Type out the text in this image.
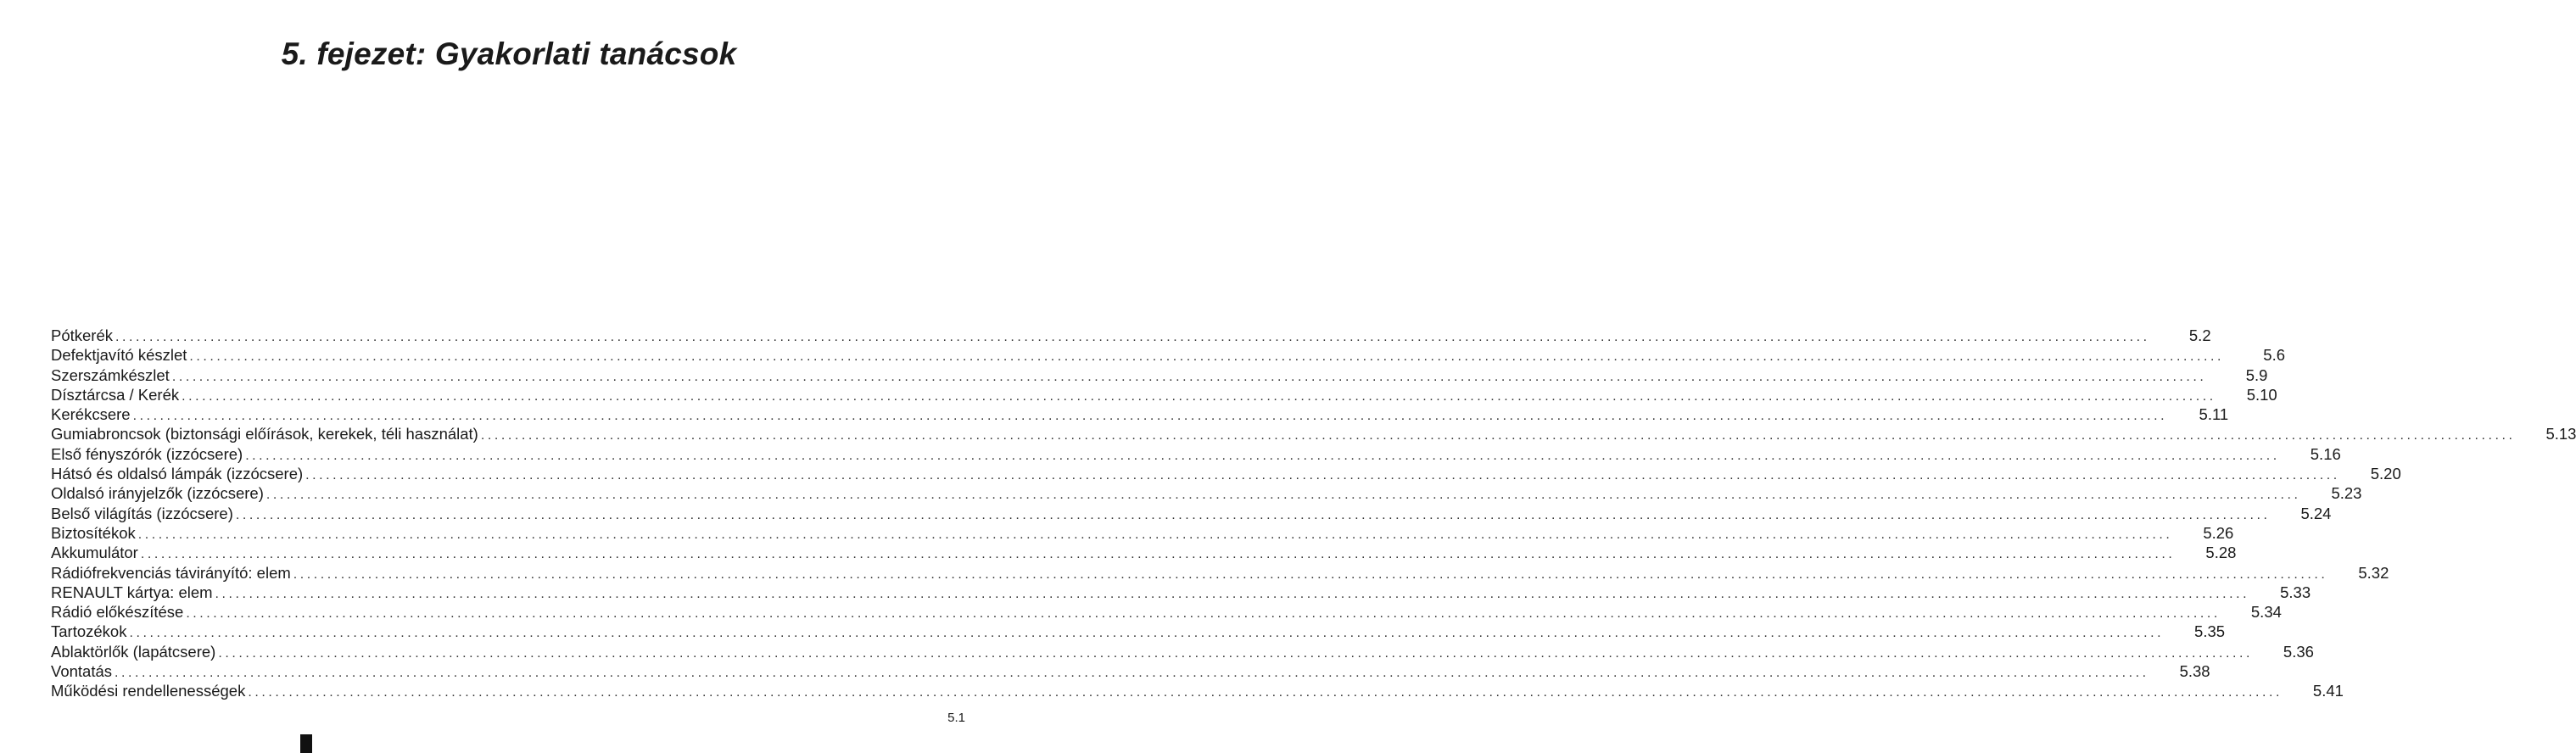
5. fejezet: Gyakorlati tanácsok
Pótkerék ............................................................................................................................................................................................................................................................................................................	5.2
Defektjavító készlet ............................................................................................................................................................................................................................................................................................................	5.6
Szerszámkészlet ............................................................................................................................................................................................................................................................................................................	5.9
Dísztárcsa / Kerék ............................................................................................................................................................................................................................................................................................................	5.10
Kerékcsere ............................................................................................................................................................................................................................................................................................................	5.11
Gumiabroncsok (biztonsági előírások, kerekek, téli használat) ............................................................................................................................................................................................................................................................................................................	5.13
Első fényszórók (izzócsere) ............................................................................................................................................................................................................................................................................................................	5.16
Hátsó és oldalsó lámpák (izzócsere) ............................................................................................................................................................................................................................................................................................................	5.20
Oldalsó irányjelzők (izzócsere) ............................................................................................................................................................................................................................................................................................................	5.23
Belső világítás (izzócsere) ............................................................................................................................................................................................................................................................................................................	5.24
Biztosítékok ............................................................................................................................................................................................................................................................................................................	5.26
Akkumulátor ............................................................................................................................................................................................................................................................................................................	5.28
Rádiófrekvenciás távirányító: elem ............................................................................................................................................................................................................................................................................................................	5.32
RENAULT kártya: elem ............................................................................................................................................................................................................................................................................................................	5.33
Rádió előkészítése ............................................................................................................................................................................................................................................................................................................	5.34
Tartozékok ............................................................................................................................................................................................................................................................................................................	5.35
Ablaktörlők (lapátcsere) ............................................................................................................................................................................................................................................................................................................	5.36
Vontatás ............................................................................................................................................................................................................................................................................................................	5.38
Működési rendellenességek ............................................................................................................................................................................................................................................................................................................	5.41
5.1
